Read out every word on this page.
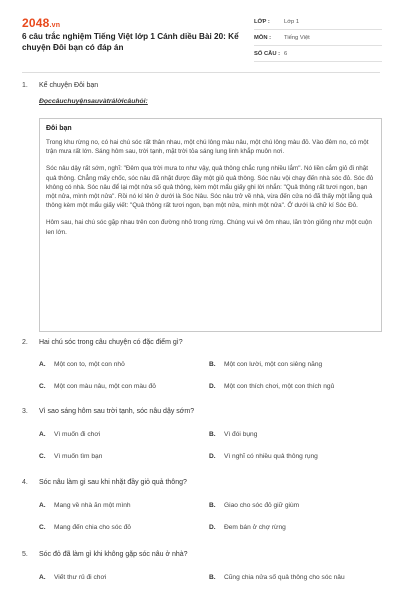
2048.vn
6 câu trắc nghiệm Tiếng Việt lớp 1 Cánh diều Bài 20: Kể chuyện Đôi bạn có đáp án
LỚP :	Lớp 1
MÔN :	Tiếng Việt
SỐ CÂU : 6
1.	Kể chuyện Đôi bạn
Đọccâuchuyệnsauvàtrảlờicâuhỏi:
Đôi bạn

Trong khu rừng no, có hai chú sóc rất thân nhau, một chú lông màu nâu, một chú lông màu đỏ. Vào đêm no, có một trận mưa rất lớn. Sáng hôm sau, trời tạnh, mặt trời tỏa sáng lung linh khắp muôn nơi.

Sóc nâu dậy rất sớm, nghĩ: "Đêm qua trời mưa to như vậy, quả thông chắc rụng nhiều lắm". Nó liền cắm giỏ đi nhặt quả thông. Chẳng mấy chốc, sóc nâu đã nhặt được đầy một giỏ quả thông. Sóc nâu vội chạy đến nhà sóc đỏ. Sóc đỏ không có nhà. Sóc nâu để lại một nửa số quả thông, kèm một mẩu giấy ghi lời nhắn: "Quả thông rất tươi ngon, bạn một nửa, mình một nửa". Rồi nó kí tên ở dưới là Sóc Nâu. Sóc nâu trở về nhà, vừa đến cửa nó đã thấy một lẵng quả thông kèm một mẩu giấy viết: "Quả thông rất tươi ngon, bạn một nửa, mình một nửa". Ở dưới là chữ kí Sóc Đỏ.

Hôm sau, hai chú sóc gặp nhau trên con đường nhỏ trong rừng. Chúng vui vẻ ôm nhau, lăn tròn giống như một cuộn len lớn.

2.	Hai chú sóc trong câu chuyện có đặc điểm gì?
A.	Một con to, một con nhỏ	B.	Một con lười, một con siêng năng
C.	Một con màu nâu, một con màu đỏ	D.	Một con thích chơi, một con thích ngủ
3.	Vì sao sáng hôm sau trời tạnh, sóc nâu dậy sớm?
A.	Vì muốn đi chơi	B.	Vì đói bụng
C.	Vì muốn tìm bạn	D.	Vì nghĩ có nhiều quả thông rụng
4.	Sóc nâu làm gì sau khi nhặt đầy giỏ quả thông?
A.	Mang về nhà ăn một mình	B.	Giao cho sóc đỏ giữ giùm
C.	Mang đến chia cho sóc đỏ	D.	Đem bán ở chợ rừng
5.	Sóc đỏ đã làm gì khi không gặp sóc nâu ở nhà?
A.	Viết thư rủ đi chơi	B.	Cũng chia nửa số quả thông cho sóc nâu
